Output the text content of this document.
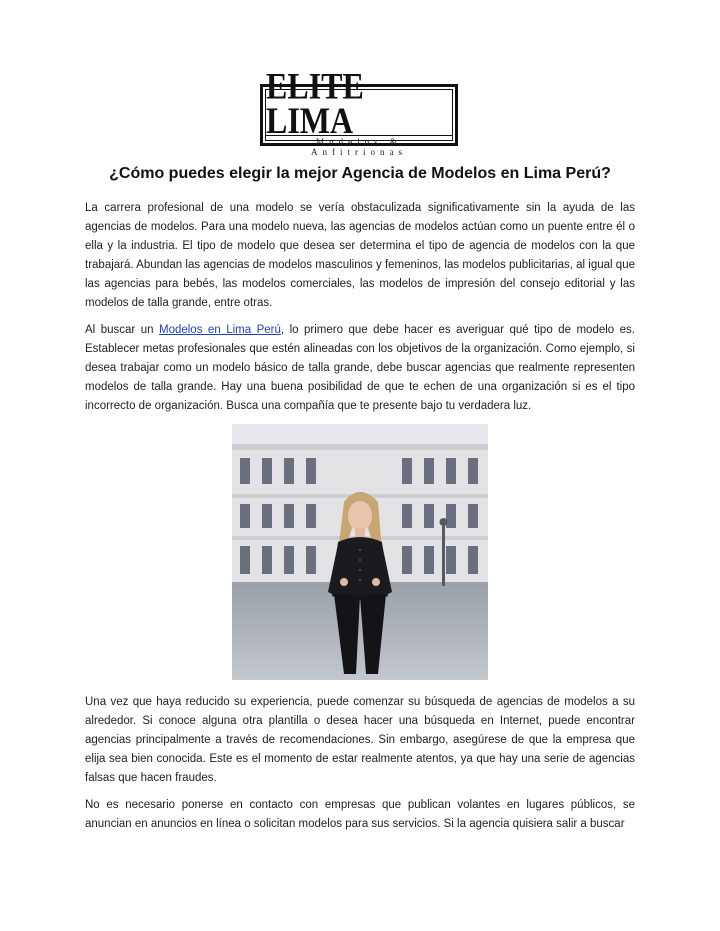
ELITE LIMA
Modelos & Anfitrionas
¿Cómo puedes elegir la mejor Agencia de Modelos en Lima Perú?

La carrera profesional de una modelo se vería obstaculizada significativamente sin la ayuda de las agencias de modelos. Para una modelo nueva, las agencias de modelos actúan como un puente entre él o ella y la industria. El tipo de modelo que desea ser determina el tipo de agencia de modelos con la que trabajará. Abundan las agencias de modelos masculinos y femeninos, las modelos publicitarias, al igual que las agencias para bebés, las modelos comerciales, las modelos de impresión del consejo editorial y las modelos de talla grande, entre otras.

Al buscar un Modelos en Lima Perú, lo primero que debe hacer es averiguar qué tipo de modelo es. Establecer metas profesionales que estén alineadas con los objetivos de la organización. Como ejemplo, si desea trabajar como un modelo básico de talla grande, debe buscar agencias que realmente representen modelos de talla grande. Hay una buena posibilidad de que te echen de una organización si es el tipo incorrecto de organización. Busca una compañía que te presente bajo tu verdadera luz.

Una vez que haya reducido su experiencia, puede comenzar su búsqueda de agencias de modelos a su alrededor. Si conoce alguna otra plantilla o desea hacer una búsqueda en Internet, puede encontrar agencias principalmente a través de recomendaciones. Sin embargo, asegúrese de que la empresa que elija sea bien conocida. Este es el momento de estar realmente atentos, ya que hay una serie de agencias falsas que hacen fraudes.

No es necesario ponerse en contacto con empresas que publican volantes en lugares públicos, se anuncian en anuncios en línea o solicitan modelos para sus servicios. Si la agencia quisiera salir a buscar
